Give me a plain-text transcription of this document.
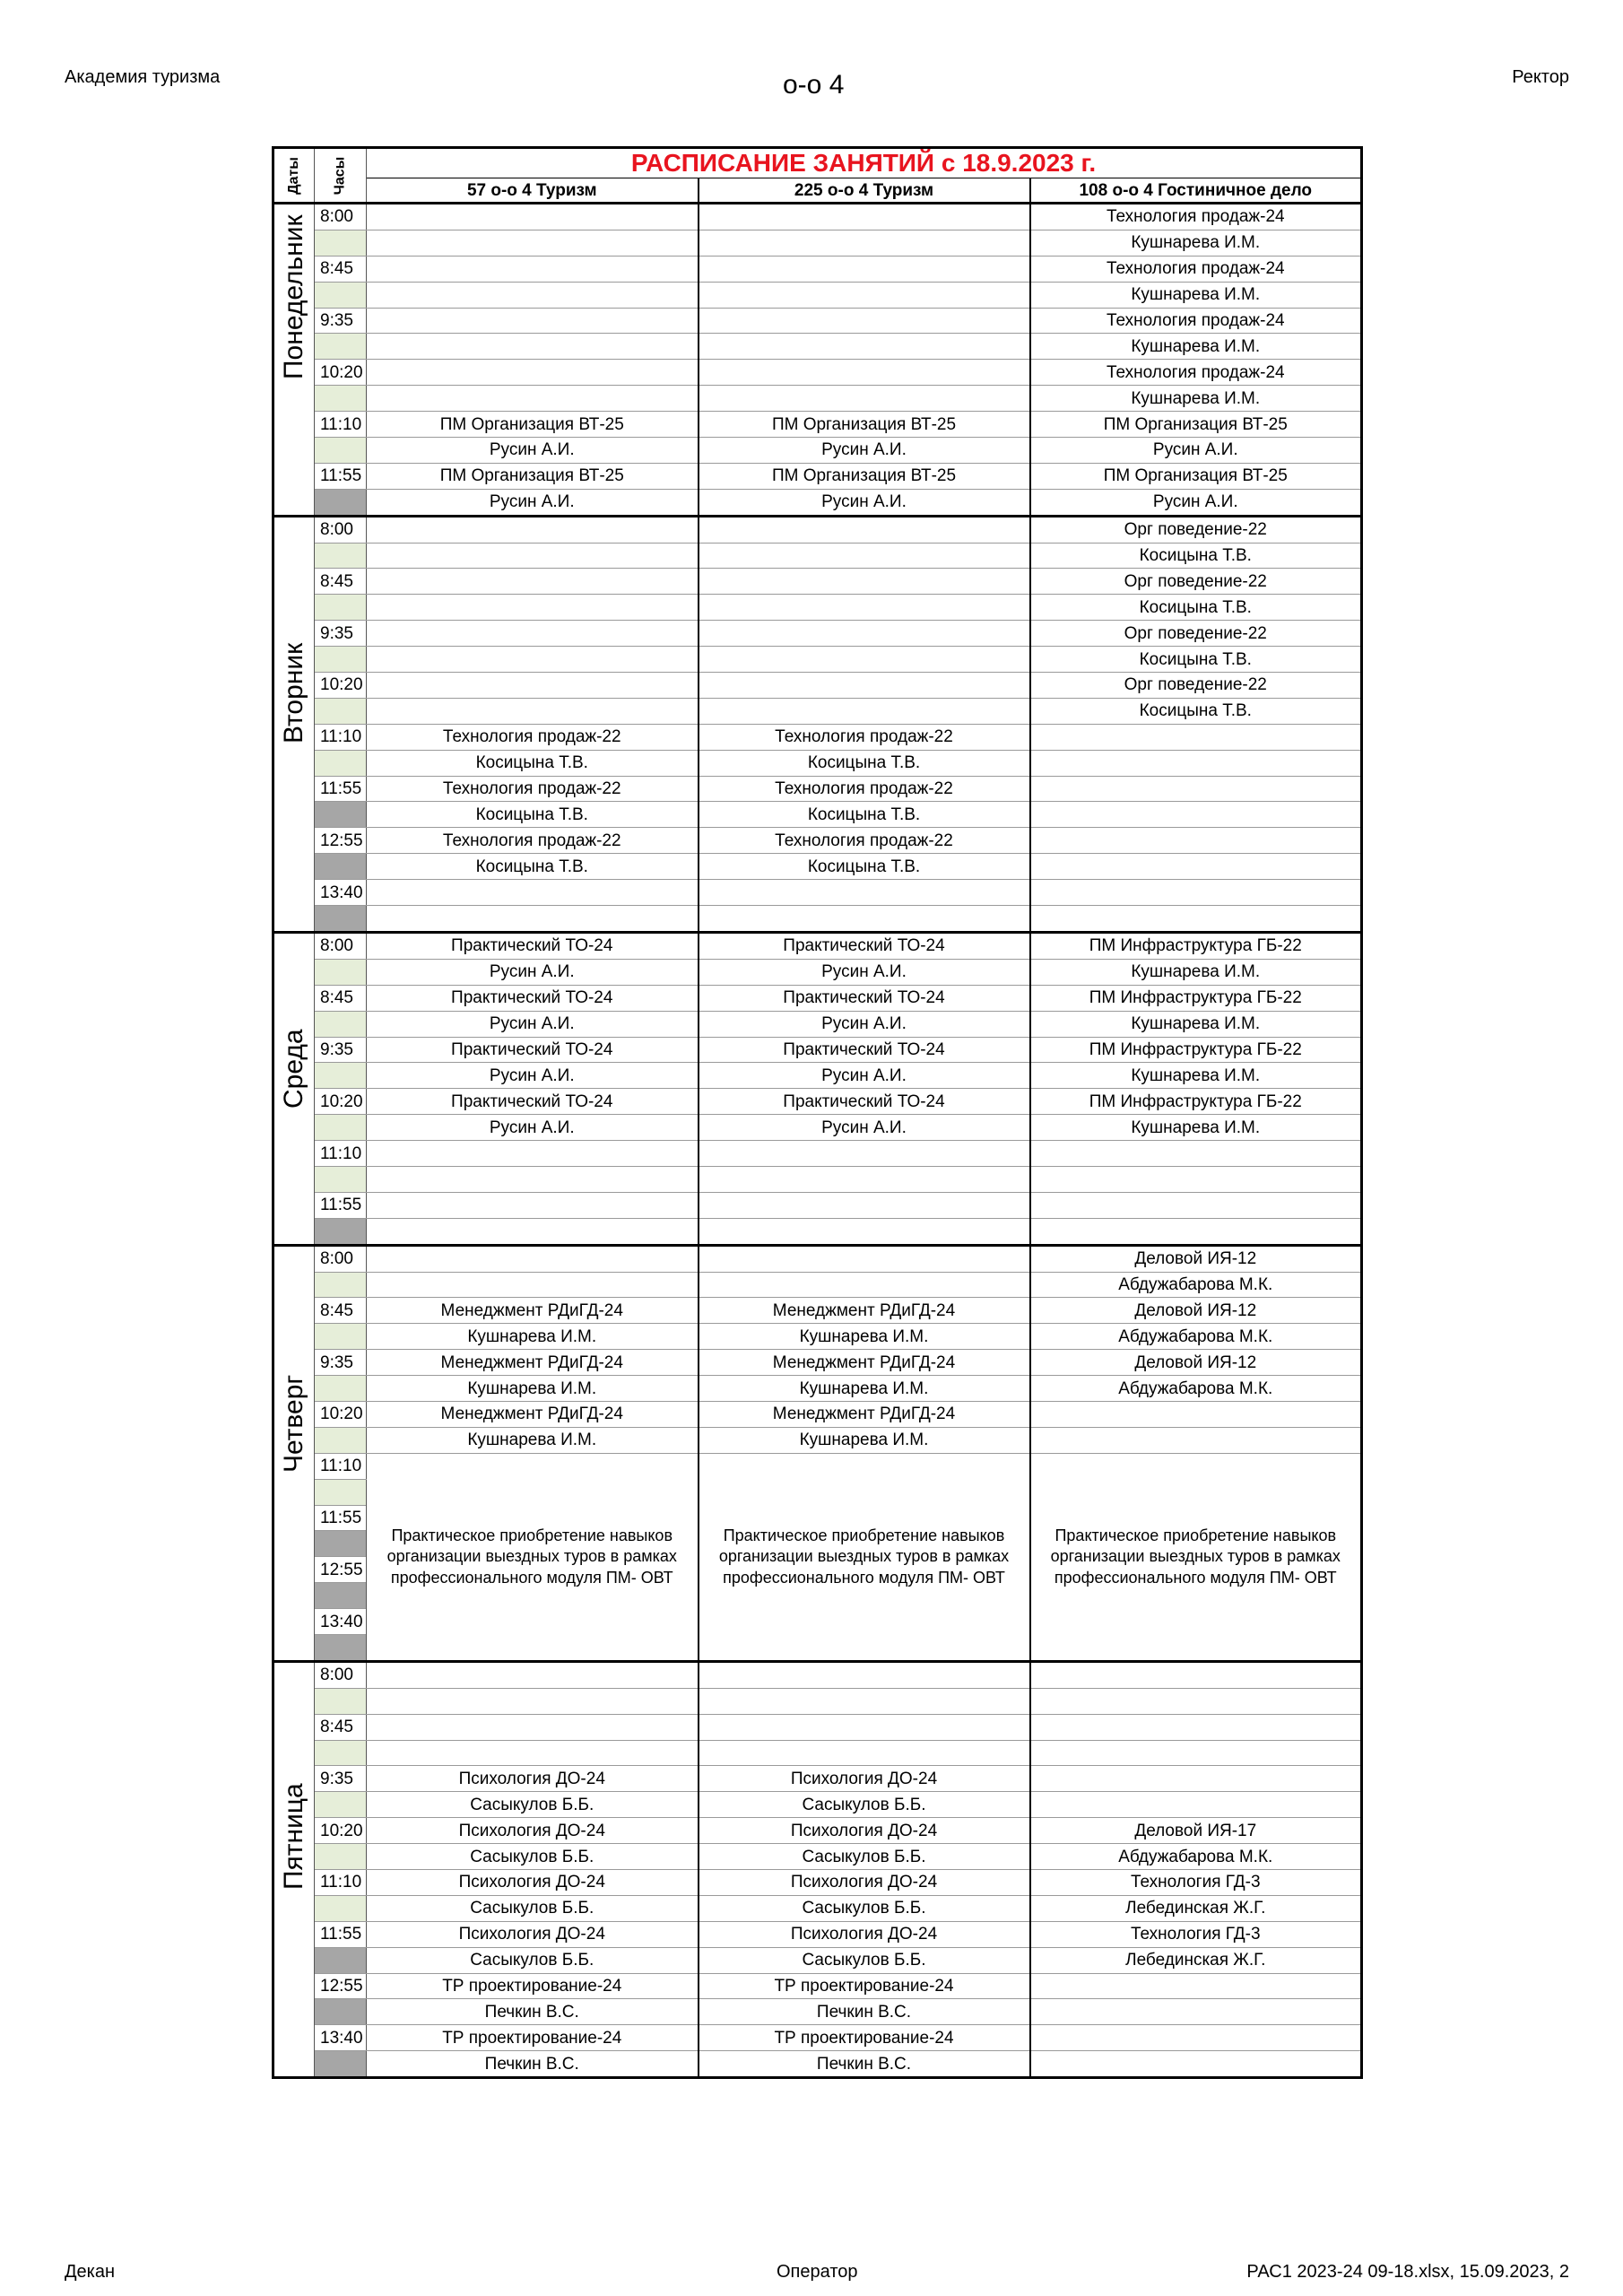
Академия туризма	о-о 4	Ректор
Даты	Часы	РАСПИСАНИЕ ЗАНЯТИЙ с 18.9.2023 г.		
		57 о-о 4 Туризм	225 о-о 4 Туризм	108 о-о 4 Гостиничное дело

Понедельник	8:00			Технология продаж-24
				Кушнарева И.М.
	8:45			Технология продаж-24
				Кушнарева И.М.
	9:35			Технология продаж-24
				Кушнарева И.М.
	10:20			Технология продаж-24
				Кушнарева И.М.
	11:10	ПМ Организация ВТ-25	ПМ Организация ВТ-25	ПМ Организация ВТ-25
		Русин А.И.	Русин А.И.	Русин А.И.
	11:55	ПМ Организация ВТ-25	ПМ Организация ВТ-25	ПМ Организация ВТ-25
		Русин А.И.	Русин А.И.	Русин А.И.

Вторник	8:00			Орг поведение-22
				Косицына Т.В.
	8:45			Орг поведение-22
				Косицына Т.В.
	9:35			Орг поведение-22
				Косицына Т.В.
	10:20			Орг поведение-22
				Косицына Т.В.
	11:10	Технология продаж-22	Технология продаж-22	
		Косицына Т.В.	Косицына Т.В.	
	11:55	Технология продаж-22	Технология продаж-22	
		Косицына Т.В.	Косицына Т.В.	
	12:55	Технология продаж-22	Технология продаж-22	
		Косицына Т.В.	Косицына Т.В.	
	13:40			

Среда	8:00	Практический ТО-24	Практический ТО-24	ПМ Инфраструктура ГБ-22
		Русин А.И.	Русин А.И.	Кушнарева И.М.
	8:45	Практический ТО-24	Практический ТО-24	ПМ Инфраструктура ГБ-22
		Русин А.И.	Русин А.И.	Кушнарева И.М.
	9:35	Практический ТО-24	Практический ТО-24	ПМ Инфраструктура ГБ-22
		Русин А.И.	Русин А.И.	Кушнарева И.М.
	10:20	Практический ТО-24	Практический ТО-24	ПМ Инфраструктура ГБ-22
		Русин А.И.	Русин А.И.	Кушнарева И.М.
	11:10			

	11:55			

Четверг	8:00			Деловой ИЯ-12
				Абдужабарова М.К.
	8:45	Менеджмент РДиГД-24	Менеджмент РДиГД-24	Деловой ИЯ-12
		Кушнарева И.М.	Кушнарева И.М.	Абдужабарова М.К.
	9:35	Менеджмент РДиГД-24	Менеджмент РДиГД-24	Деловой ИЯ-12
		Кушнарева И.М.	Кушнарева И.М.	Абдужабарова М.К.
	10:20	Менеджмент РДиГД-24	Менеджмент РДиГД-24	
		Кушнарева И.М.	Кушнарева И.М.	
	11:10	Практическое приобретение навыков организации выездных туров в рамках профессионального модуля ПМ- ОВТ	Практическое приобретение навыков организации выездных туров в рамках профессионального модуля ПМ- ОВТ	Практическое приобретение навыков организации выездных туров в рамках профессионального модуля ПМ- ОВТ

	11:55			

	12:55			

	13:40			

Пятница	8:00			

	8:45			

	9:35	Психология ДО-24	Психология ДО-24	
		Сасыкулов Б.Б.	Сасыкулов Б.Б.	
	10:20	Психология ДО-24	Психология ДО-24	Деловой ИЯ-17
		Сасыкулов Б.Б.	Сасыкулов Б.Б.	Абдужабарова М.К.
	11:10	Психология ДО-24	Психология ДО-24	Технология ГД-3
		Сасыкулов Б.Б.	Сасыкулов Б.Б.	Лебединская Ж.Г.
	11:55	Психология ДО-24	Психология ДО-24	Технология ГД-3
		Сасыкулов Б.Б.	Сасыкулов Б.Б.	Лебединская Ж.Г.
	12:55	ТР проектирование-24	ТР проектирование-24	
		Печкин В.С.	Печкин В.С.	
	13:40	ТР проектирование-24	ТР проектирование-24	
		Печкин В.С.	Печкин В.С.	
Декан	Оператор	РАС1 2023-24 09-18.xlsx, 15.09.2023, 2
